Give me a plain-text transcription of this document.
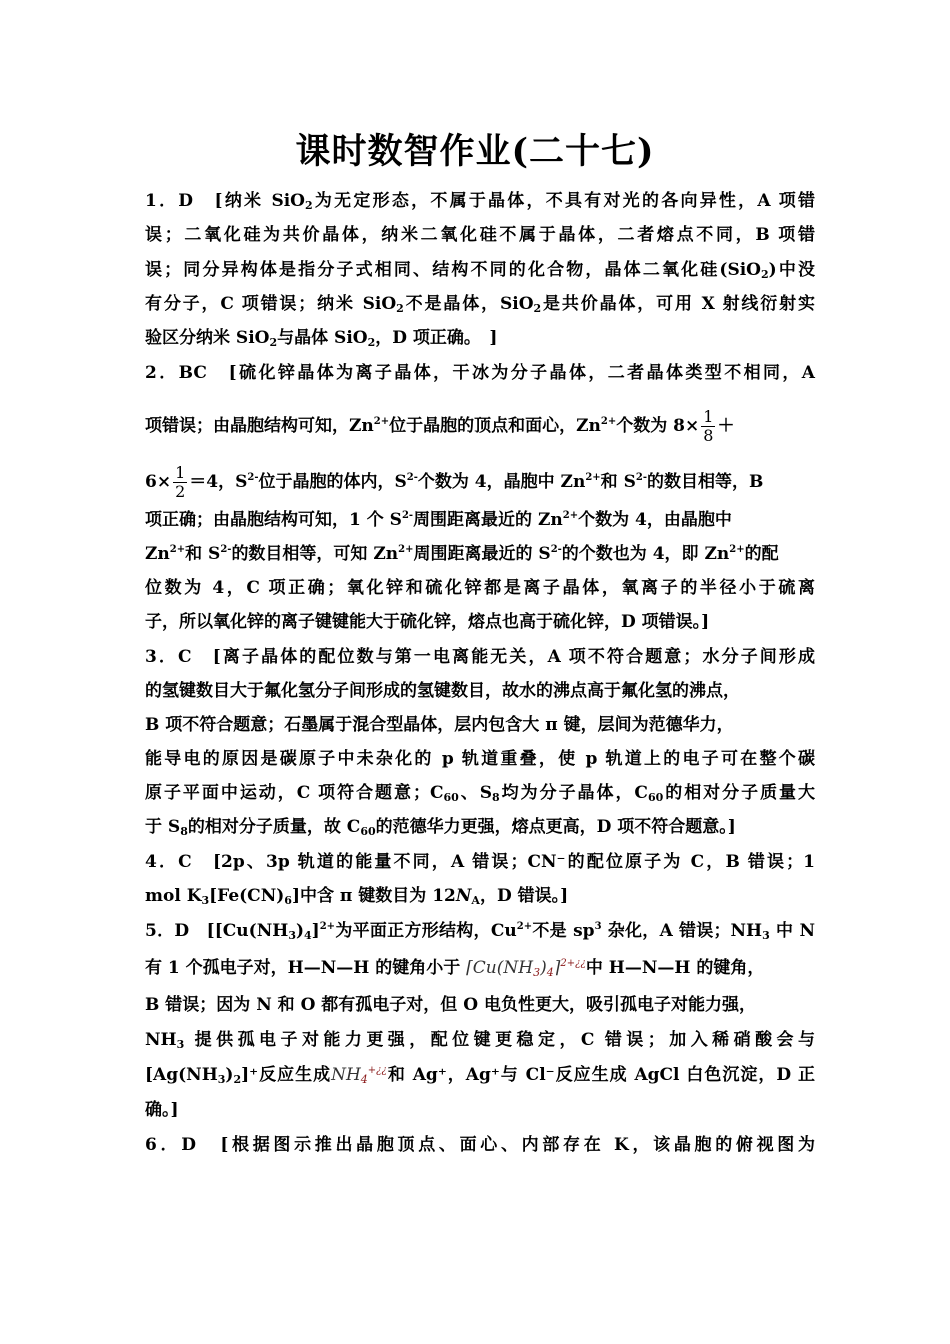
课时数智作业(二十七)
1．D　[纳米 SiO$_2$为无定形态，不属于晶体，不具有对光的各向异性，A 项错
误；二氧化硅为共价晶体，纳米二氧化硅不属于晶体，二者熔点不同，B 项错
误；同分异构体是指分子式相同、结构不同的化合物，晶体二氧化硅(SiO$_2$)中没
有分子，C 项错误；纳米 SiO$_2$不是晶体，SiO$_2$是共价晶体，可用 X 射线衍射实
验区分纳米 SiO$_2$与晶体 SiO$_2$，D 项正确。　]
2．BC　[硫化锌晶体为离子晶体，干冰为分子晶体，二者晶体类型不相同，A
项错误；由晶胞结构可知，$Zn^{2+}$位于晶胞的顶点和面心，$Zn^{2+}$个数为 $8\times \frac{1}{8}$ ＋
$6\times \frac{1}{2} =4$，$S^{2-}$位于晶胞的体内，$S^{2-}$个数为 4，晶胞中 $Zn^{2+}$和 $S^{2-}$的数目相等，B
项正确；由晶胞结构可知，1 个 $S^{2-}$周围距离最近的 $Zn^{2+}$个数为 4，由晶胞中
$Zn^{2+}$和 $S^{2-}$的数目相等，可知 $Zn^{2+}$周围距离最近的 $S^{2-}$的个数也为 4，即 $Zn^{2+}$的配
位数为 4，C 项正确；氧化锌和硫化锌都是离子晶体，氧离子的半径小于硫离
子，所以氧化锌的离子键键能大于硫化锌，熔点也高于硫化锌，D 项错误。]
3．C　[离子晶体的配位数与第一电离能无关，A 项不符合题意；水分子间形成
的氢键数目大于氟化氢分子间形成的氢键数目，故水的沸点高于氟化氢的沸点，
B 项不符合题意；石墨属于混合型晶体，层内包含大 π 键，层间为范德华力，
能导电的原因是碳原子中未杂化的 p 轨道重叠，使 p 轨道上的电子可在整个碳
原子平面中运动，C 项符合题意；$C_{60}$、$S_8$均为分子晶体，$C_{60}$的相对分子质量大
于 $S_8$的相对分子质量，故 $C_{60}$的范德华力更强，熔点更高，D 项不符合题意。]
4．C　[2p、3p 轨道的能量不同，A 错误；CN⁻的配位原子为 C，B 错误；1
mol $K_3[Fe(CN)_6]$中含 π 键数目为 $12N_A$，D 错误。]
5．D　[$[Cu(NH_3)_4]^{2+}$为平面正方形结构，$Cu^{2+}$不是 $sp^3$ 杂化，A 错误；$NH_3$ 中 N
有 1 个孤电子对，H—N—H 的键角小于 $⌈Cu(NH_3)_4⌉^{2+¿¿}$中 H—N—H 的键角，
B 错误；因为 N 和 O 都有孤电子对，但 O 电负性更大，吸引孤电子对能力强，
$NH_3$ 提供孤电子对能力更强，配位键更稳定，C 错误；加入稀硝酸会与
$[Ag(NH_3)_2]^+$反应生成$NH_4^{+¿¿}$和 Ag⁺，Ag⁺与 Cl⁻反应生成 AgCl 白色沉淀，D 正
确。]
6．D　[根据图示推出晶胞顶点、面心、内部存在 K，该晶胞的俯视图为
